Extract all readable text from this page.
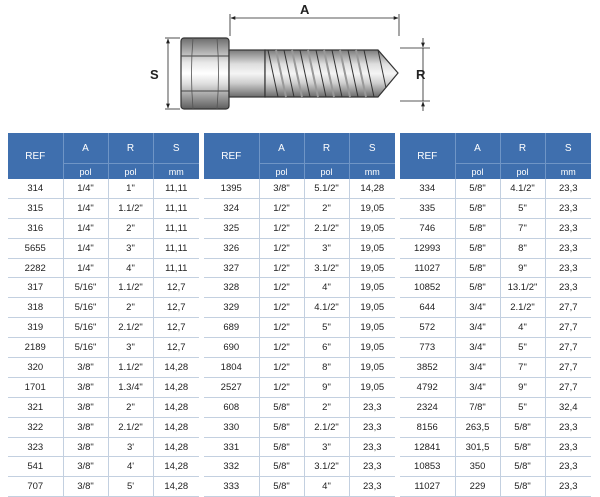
S
A
R
REF	A	R	S
	pol	pol	mm
314	1/4"	1"	11,11
315	1/4"	1.1/2"	11,11
316	1/4"	2"	11,11
5655	1/4"	3"	11,11
2282	1/4"	4"	11,11
317	5/16"	1.1/2"	12,7
318	5/16"	2"	12,7
319	5/16"	2.1/2"	12,7
2189	5/16"	3"	12,7
320	3/8"	1.1/2"	14,28
1701	3/8"	1.3/4"	14,28
321	3/8"	2"	14,28
322	3/8"	2.1/2"	14,28
323	3/8"	3'	14,28
541	3/8"	4'	14,28
707	3/8"	5'	14,28
REF	A	R	S
	pol	pol	mm
1395	3/8"	5.1/2"	14,28
324	1/2"	2"	19,05
325	1/2"	2.1/2"	19,05
326	1/2"	3"	19,05
327	1/2"	3.1/2"	19,05
328	1/2"	4"	19,05
329	1/2"	4.1/2"	19,05
689	1/2"	5"	19,05
690	1/2"	6"	19,05
1804	1/2"	8"	19,05
2527	1/2"	9"	19,05
608	5/8"	2"	23,3
330	5/8"	2.1/2"	23,3
331	5/8"	3"	23,3
332	5/8"	3.1/2"	23,3
333	5/8"	4"	23,3
REF	A	R	S
	pol	pol	mm
334	5/8"	4.1/2"	23,3
335	5/8"	5"	23,3
746	5/8"	7"	23,3
12993	5/8"	8"	23,3
11027	5/8"	9"	23,3
10852	5/8"	13.1/2"	23,3
644	3/4"	2.1/2"	27,7
572	3/4"	4"	27,7
773	3/4"	5"	27,7
3852	3/4"	7"	27,7
4792	3/4"	9"	27,7
2324	7/8"	5"	32,4
8156	263,5	5/8"	23,3
12841	301,5	5/8"	23,3
10853	350	5/8"	23,3
11027	229	5/8"	23,3
